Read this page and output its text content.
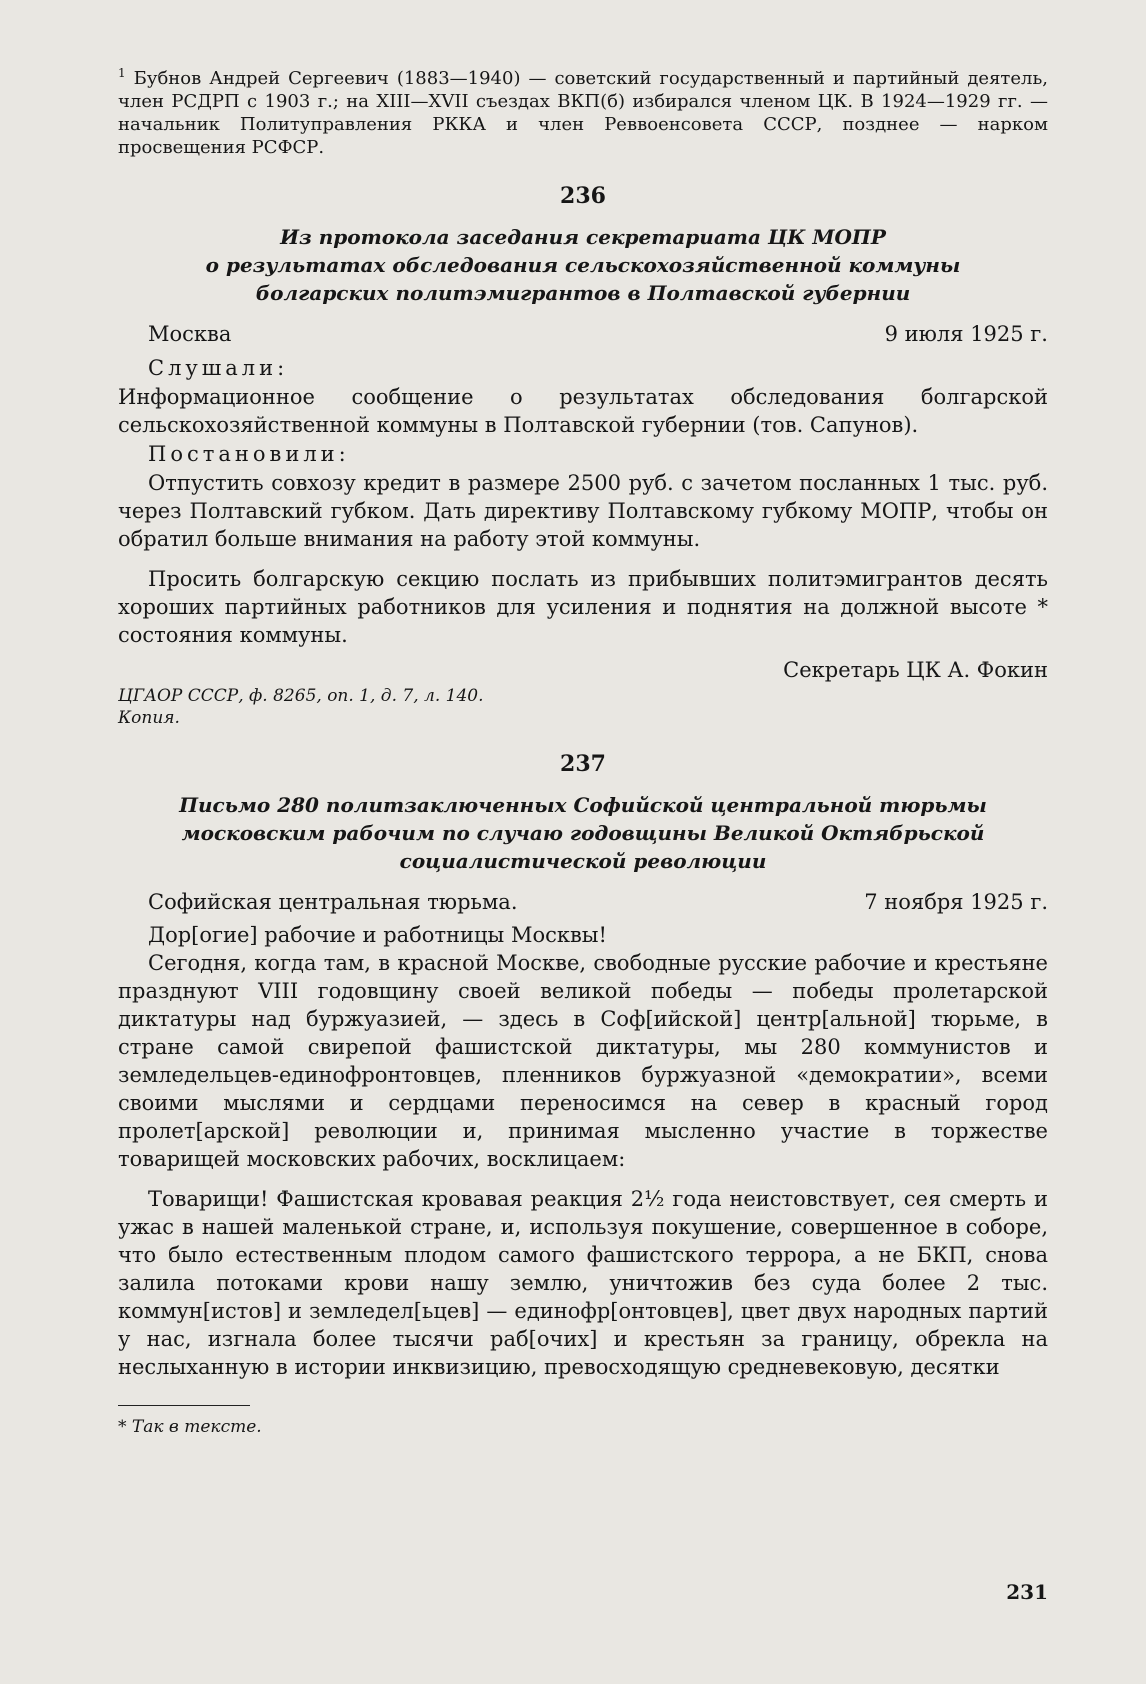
$^1$ Бубнов Андрей Сергеевич (1883—1940) — советский государственный и партийный деятель, член РСДРП с 1903 г.; на XIII—XVII съездах ВКП(б) избирался членом ЦК. В 1924—1929 гг. — начальник Политуправления РККА и член Реввоенсовета СССР, позднее — нарком просвещения РСФСР.

236
Из протокола заседания секретариата ЦК МОПР
о результатах обследования сельскохозяйственной коммуны
болгарских политэмигрантов в Полтавской губернии
Москва	9 июля 1925 г.
Слушали:

Информационное сообщение о результатах обследования болгарской сельскохозяйственной коммуны в Полтавской губернии (тов. Сапунов).

Постановили:

Отпустить совхозу кредит в размере 2500 руб. с зачетом посланных 1 тыс. руб. через Полтавский губком. Дать директиву Полтавскому губкому МОПР, чтобы он обратил больше внимания на работу этой коммуны.

Просить болгарскую секцию послать из прибывших политэмигрантов десять хороших партийных работников для усиления и поднятия на должной высоте * состояния коммуны.

Секретарь ЦК А. Фокин

ЦГАОР СССР, ф. 8265, оп. 1, д. 7, л. 140.

Копия.

237
Письмо 280 политзаключенных Софийской центральной тюрьмы
московским рабочим по случаю годовщины Великой Октябрьской
социалистической революции
Софийская центральная тюрьма.	7 ноября 1925 г.

Дор[огие] рабочие и работницы Москвы!

Сегодня, когда там, в красной Москве, свободные русские рабочие и крестьяне празднуют VIII годовщину своей великой победы — победы пролетарской диктатуры над буржуазией, — здесь в Соф[ийской] центр[альной] тюрьме, в стране самой свирепой фашистской диктатуры, мы 280 коммунистов и земледельцев-единофронтовцев, пленников буржуазной «демократии», всеми своими мыслями и сердцами переносимся на север в красный город пролет[арской] революции и, принимая мысленно участие в торжестве товарищей московских рабочих, восклицаем:

Товарищи! Фашистская кровавая реакция 2½ года неистовствует, сея смерть и ужас в нашей маленькой стране, и, используя покушение, совершенное в соборе, что было естественным плодом самого фашистского террора, а не БКП, снова залила потоками крови нашу землю, уничтожив без суда более 2 тыс. коммун[истов] и земледел[ьцев] — единофр[онтовцев], цвет двух народных партий у нас, изгнала более тысячи раб[очих] и крестьян за границу, обрекла на неслыханную в истории инквизицию, превосходящую средневековую, десятки

* Так в тексте.

231
